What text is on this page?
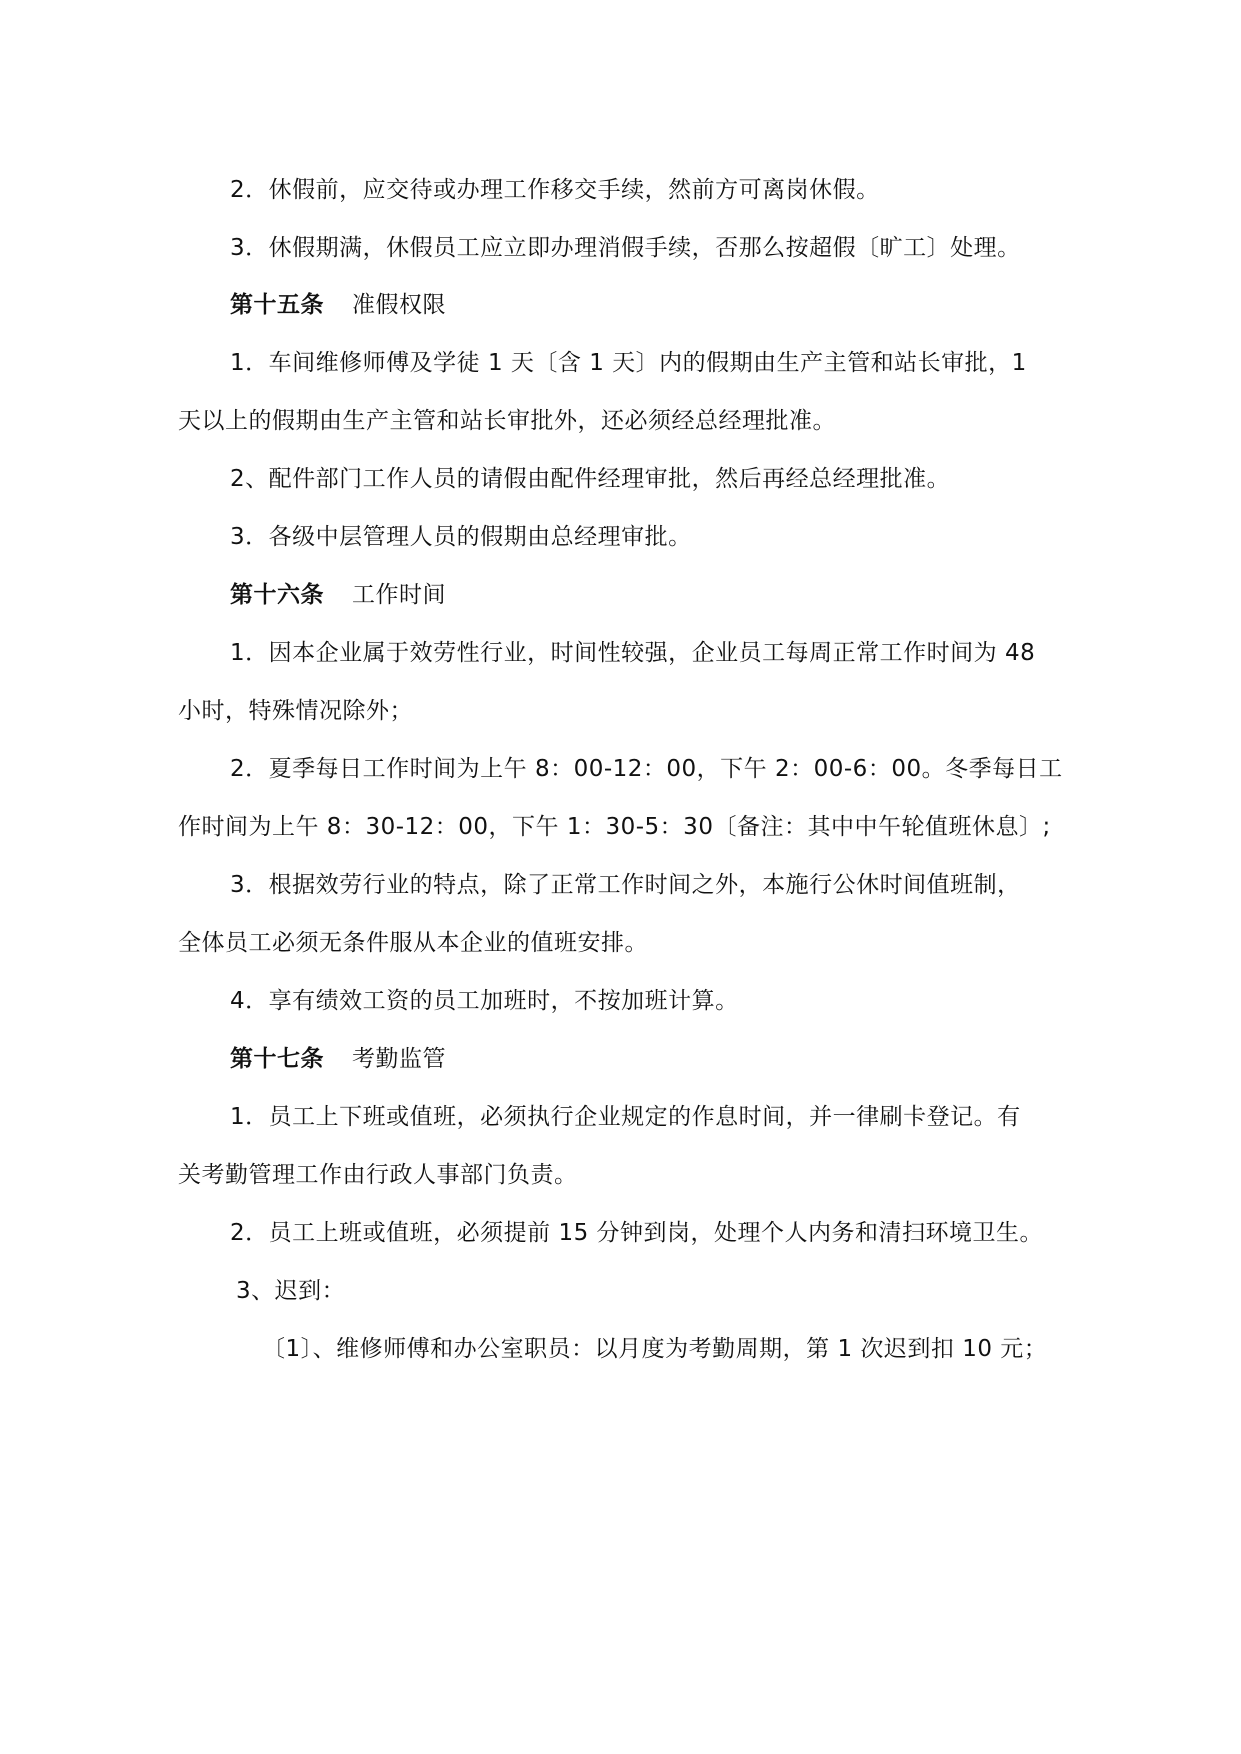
2．休假前，应交待或办理工作移交手续，然前方可离岗休假。
3．休假期满，休假员工应立即办理消假手续，否那么按超假〔旷工〕处理。
第十五条 准假权限
1．车间维修师傅及学徒 1 天〔含 1 天〕内的假期由生产主管和站长审批，1
天以上的假期由生产主管和站长审批外，还必须经总经理批准。
2、配件部门工作人员的请假由配件经理审批，然后再经总经理批准。
3．各级中层管理人员的假期由总经理审批。
第十六条 工作时间
1．因本企业属于效劳性行业，时间性较强，企业员工每周正常工作时间为 48
小时，特殊情况除外；
2．夏季每日工作时间为上午 8：00-12：00，下午 2：00-6：00。冬季每日工
作时间为上午 8：30-12：00，下午 1：30-5：30〔备注：其中中午轮值班休息〕;
3．根据效劳行业的特点，除了正常工作时间之外，本施行公休时间值班制，
全体员工必须无条件服从本企业的值班安排。
4．享有绩效工资的员工加班时，不按加班计算。
第十七条 考勤监管
1．员工上下班或值班，必须执行企业规定的作息时间，并一律刷卡登记。有
关考勤管理工作由行政人事部门负责。
2．员工上班或值班，必须提前 15 分钟到岗，处理个人内务和清扫环境卫生。
3、迟到：
〔1〕、维修师傅和办公室职员：以月度为考勤周期，第 1 次迟到扣 10 元；
